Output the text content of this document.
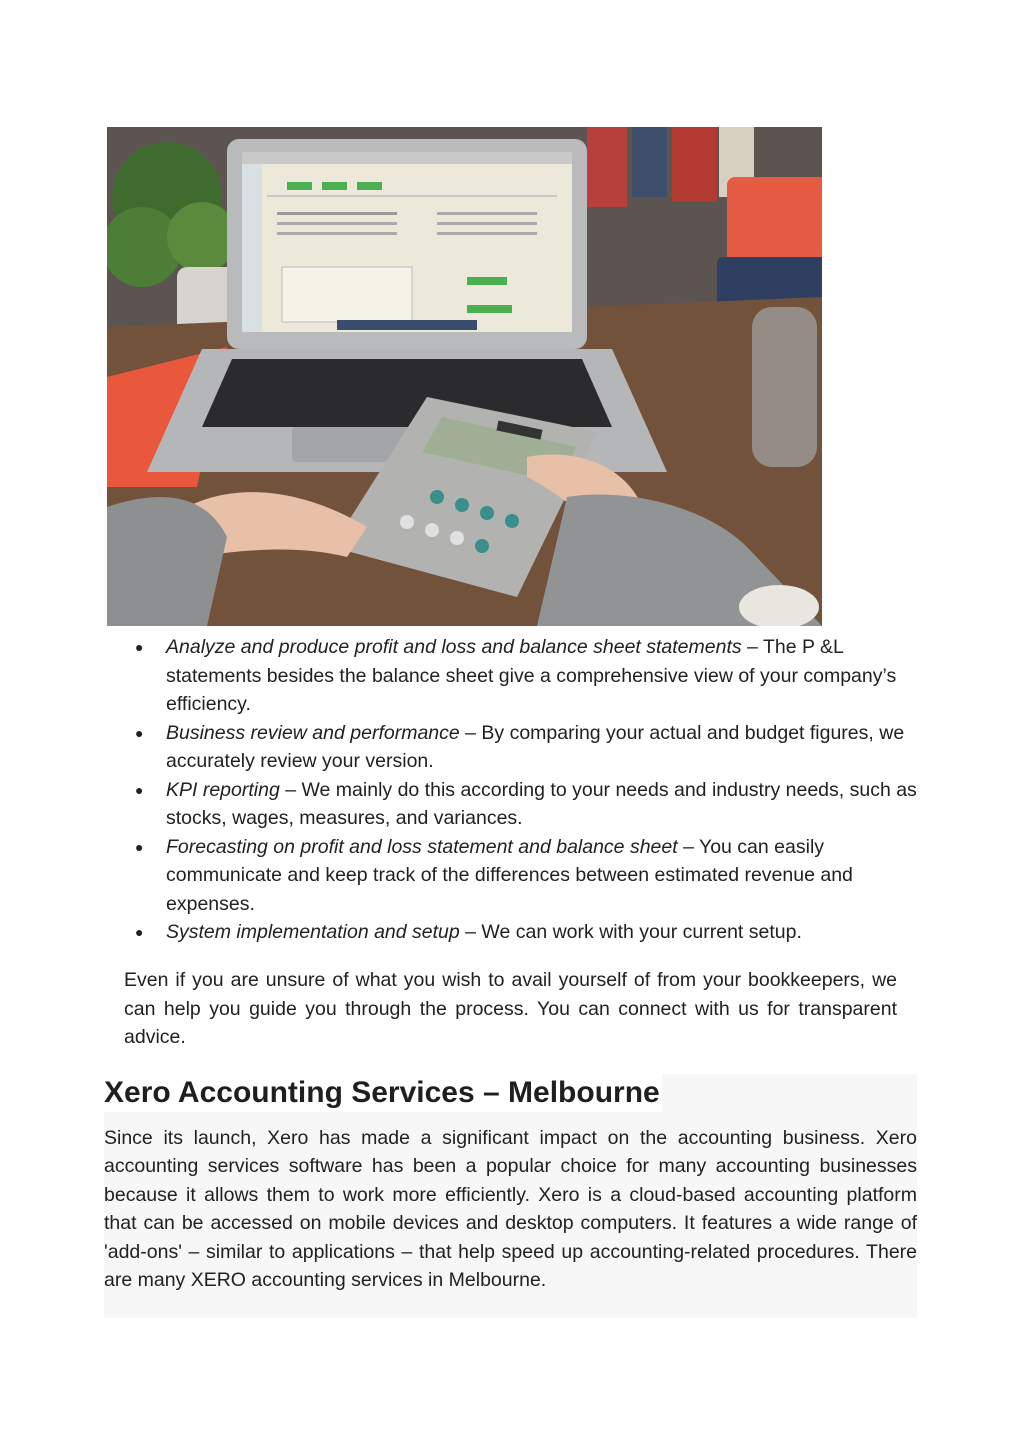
● Analyze and produce profit and loss and balance sheet statements – The P &L statements besides the balance sheet give a comprehensive view of your company’s efficiency.
● Business review and performance – By comparing your actual and budget figures, we accurately review your version.
● KPI reporting – We mainly do this according to your needs and industry needs, such as stocks, wages, measures, and variances.
● Forecasting on profit and loss statement and balance sheet – You can easily communicate and keep track of the differences between estimated revenue and expenses.
● System implementation and setup – We can work with your current setup.

Even if you are unsure of what you wish to avail yourself of from your bookkeepers, we can help you guide you through the process. You can connect with us for transparent advice.

Xero Accounting Services – Melbourne

Since its launch, Xero has made a significant impact on the accounting business. Xero accounting services software has been a popular choice for many accounting businesses because it allows them to work more efficiently. Xero is a cloud-based accounting platform that can be accessed on mobile devices and desktop computers. It features a wide range of 'add-ons' – similar to applications – that help speed up accounting-related procedures. There are many XERO accounting services in Melbourne.
